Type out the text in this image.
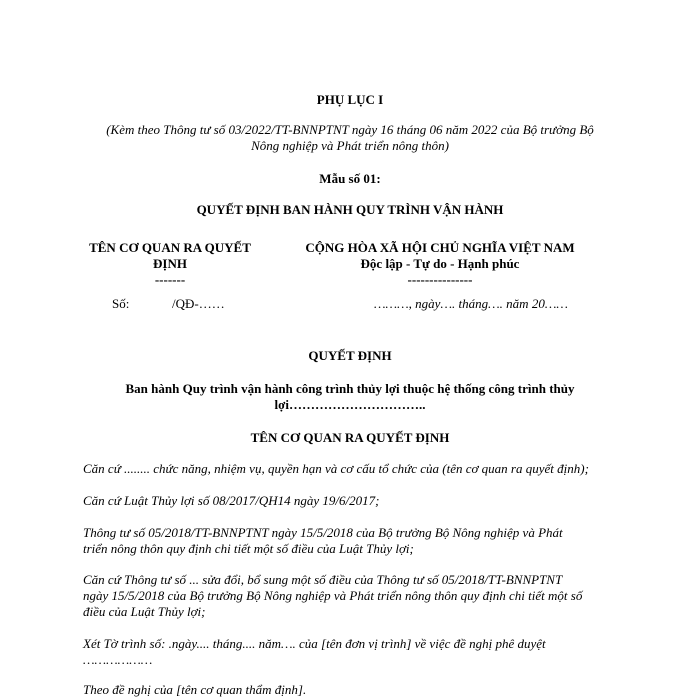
PHỤ LỤC I
(Kèm theo Thông tư số 03/2022/TT-BNNPTNT ngày 16 tháng 06 năm 2022 của Bộ trưởng Bộ
Nông nghiệp và Phát triển nông thôn)
Mẫu số 01:
QUYẾT ĐỊNH BAN HÀNH QUY TRÌNH VẬN HÀNH
TÊN CƠ QUAN RA QUYẾT
ĐỊNH
-------
Số:	/QĐ-……
CỘNG HÒA XÃ HỘI CHỦ NGHĨA VIỆT NAM
Độc lập - Tự do - Hạnh phúc
---------------
………, ngày…. tháng…. năm 20……
QUYẾT ĐỊNH
Ban hành Quy trình vận hành công trình thủy lợi thuộc hệ thống công trình thủy
lợi…………………………..
TÊN CƠ QUAN RA QUYẾT ĐỊNH
Căn cứ ........ chức năng, nhiệm vụ, quyền hạn và cơ cấu tổ chức của (tên cơ quan ra quyết định);
Căn cứ Luật Thủy lợi số 08/2017/QH14 ngày 19/6/2017;
Thông tư số 05/2018/TT-BNNPTNT ngày 15/5/2018 của Bộ trưởng Bộ Nông nghiệp và Phát
triển nông thôn quy định chi tiết một số điều của Luật Thủy lợi;
Căn cứ Thông tư số ... sửa đổi, bổ sung một số điều của Thông tư số 05/2018/TT-BNNPTNT
ngày 15/5/2018 của Bộ trưởng Bộ Nông nghiệp và Phát triển nông thôn quy định chi tiết một số
điều của Luật Thủy lợi;
Xét Tờ trình số: .ngày.... tháng.... năm…. của [tên đơn vị trình] về việc đề nghị phê duyệt
………………
Theo đề nghị của [tên cơ quan thẩm định].
